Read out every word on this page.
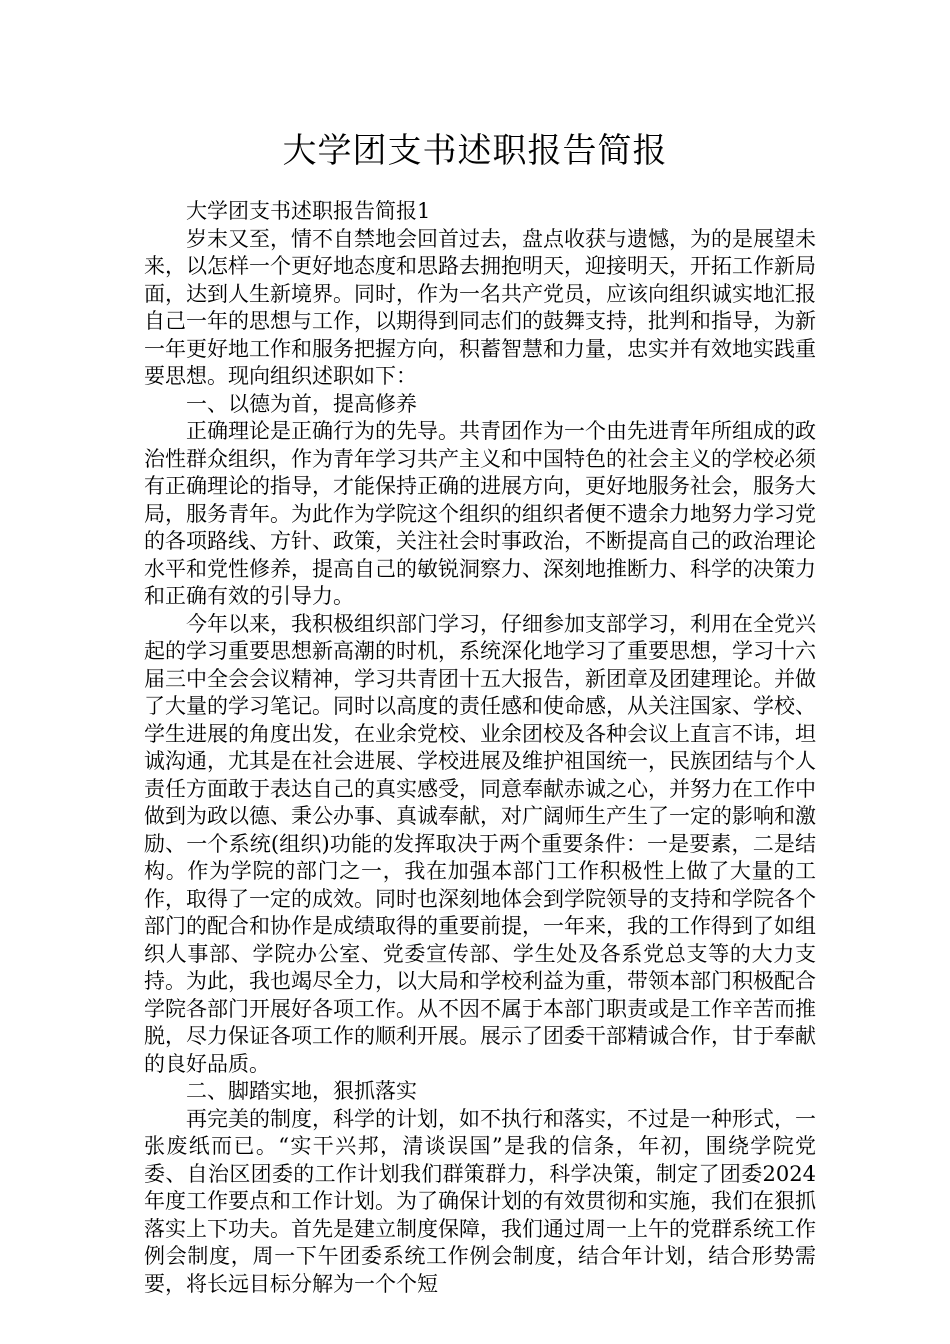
大学团支书述职报告简报

大学团支书述职报告简报1

岁末又至，情不自禁地会回首过去，盘点收获与遗憾，为的是展望未来，以怎样一个更好地态度和思路去拥抱明天，迎接明天，开拓工作新局面，达到人生新境界。同时，作为一名共产党员，应该向组织诚实地汇报自己一年的思想与工作，以期得到同志们的鼓舞支持，批判和指导，为新一年更好地工作和服务把握方向，积蓄智慧和力量，忠实并有效地实践重要思想。现向组织述职如下：

一、以德为首，提高修养

正确理论是正确行为的先导。共青团作为一个由先进青年所组成的政治性群众组织，作为青年学习共产主义和中国特色的社会主义的学校必须有正确理论的指导，才能保持正确的进展方向，更好地服务社会，服务大局，服务青年。为此作为学院这个组织的组织者便不遗余力地努力学习党的各项路线、方针、政策，关注社会时事政治，不断提高自己的政治理论水平和党性修养，提高自己的敏锐洞察力、深刻地推断力、科学的决策力和正确有效的引导力。

今年以来，我积极组织部门学习，仔细参加支部学习，利用在全党兴起的学习重要思想新高潮的时机，系统深化地学习了重要思想，学习十六届三中全会会议精神，学习共青团十五大报告，新团章及团建理论。并做了大量的学习笔记。同时以高度的责任感和使命感，从关注国家、学校、学生进展的角度出发，在业余党校、业余团校及各种会议上直言不讳，坦诚沟通，尤其是在社会进展、学校进展及维护祖国统一，民族团结与个人责任方面敢于表达自己的真实感受，同意奉献赤诚之心，并努力在工作中做到为政以德、秉公办事、真诚奉献，对广阔师生产生了一定的影响和激励、一个系统(组织)功能的发挥取决于两个重要条件：一是要素，二是结构。作为学院的部门之一，我在加强本部门工作积极性上做了大量的工作，取得了一定的成效。同时也深刻地体会到学院领导的支持和学院各个部门的配合和协作是成绩取得的重要前提，一年来，我的工作得到了如组织人事部、学院办公室、党委宣传部、学生处及各系党总支等的大力支持。为此，我也竭尽全力，以大局和学校利益为重，带领本部门积极配合学院各部门开展好各项工作。从不因不属于本部门职责或是工作辛苦而推脱，尽力保证各项工作的顺利开展。展示了团委干部精诚合作，甘于奉献的良好品质。

二、脚踏实地，狠抓落实

再完美的制度，科学的计划，如不执行和落实，不过是一种形式，一张废纸而已。“实干兴邦，清谈误国”是我的信条，年初，围绕学院党委、自治区团委的工作计划我们群策群力，科学决策，制定了团委2024年度工作要点和工作计划。为了确保计划的有效贯彻和实施，我们在狠抓落实上下功夫。首先是建立制度保障，我们通过周一上午的党群系统工作例会制度，周一下午团委系统工作例会制度，结合年计划，结合形势需要，将长远目标分解为一个个短
